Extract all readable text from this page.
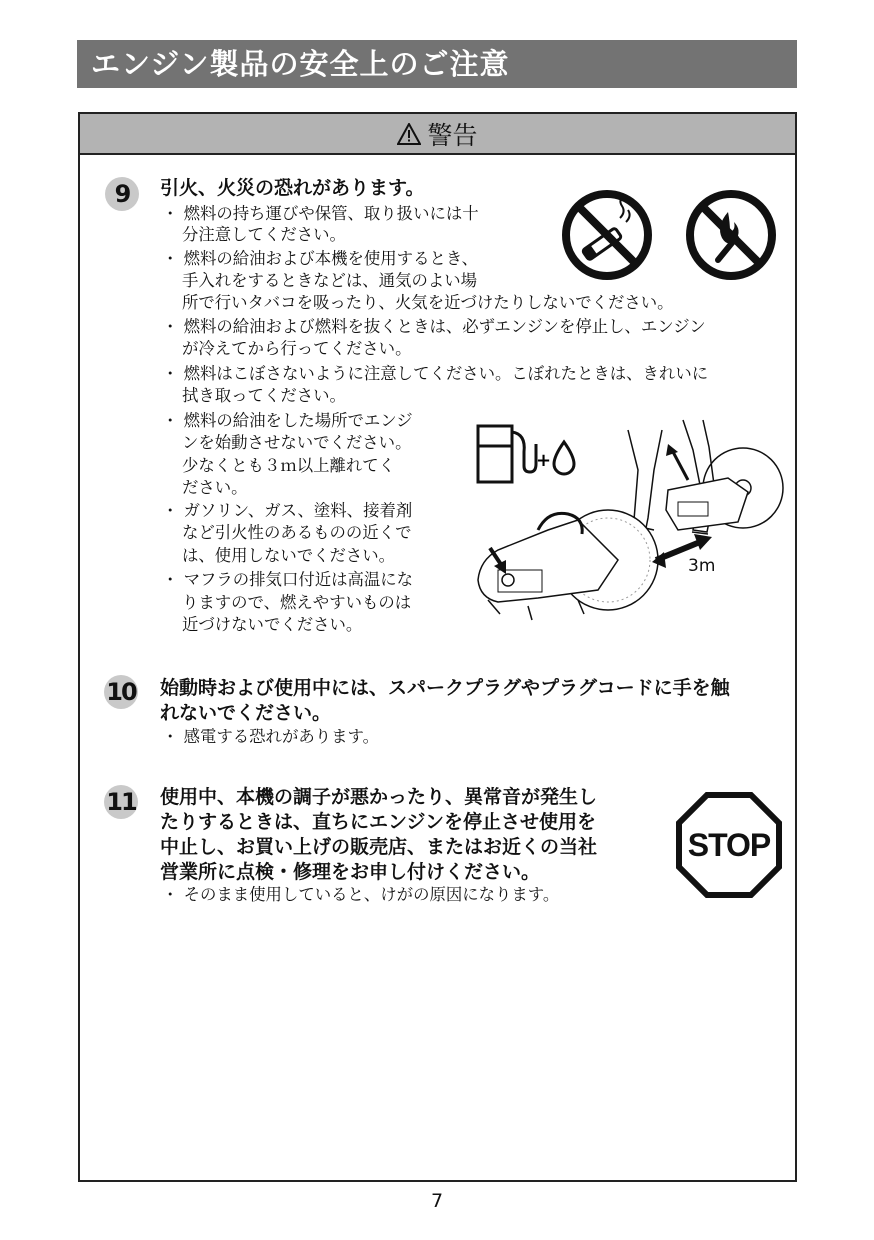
エンジン製品の安全上のご注意
警告
9	引火、火災の恐れがあります。
・ 燃料の持ち運びや保管、取り扱いには十
分注意してください。
・ 燃料の給油および本機を使用するとき、
手入れをするときなどは、通気のよい場
所で行いタバコを吸ったり、火気を近づけたりしないでください。
・ 燃料の給油および燃料を抜くときは、必ずエンジンを停止し、エンジン
が冷えてから行ってください。
・ 燃料はこぼさないように注意してください。こぼれたときは、きれいに
拭き取ってください。
・ 燃料の給油をした場所でエンジ
ンを始動させないでください。
少なくとも３ｍ以上離れてく
ださい。
・ ガソリン、ガス、塗料、接着剤
など引火性のあるものの近くで
は、使用しないでください。
・ マフラの排気口付近は高温にな
りますので、燃えやすいものは
近づけないでください。
+
3m
10 始動時および使用中には、スパークプラグやプラグコードに手を触
れないでください。
・ 感電する恐れがあります。
11 使用中、本機の調子が悪かったり、異常音が発生し
たりするときは、直ちにエンジンを停止させ使用を
中止し、お買い上げの販売店、またはお近くの当社
営業所に点検・修理をお申し付けください。
・ そのまま使用していると、けがの原因になります。
STOP
7
